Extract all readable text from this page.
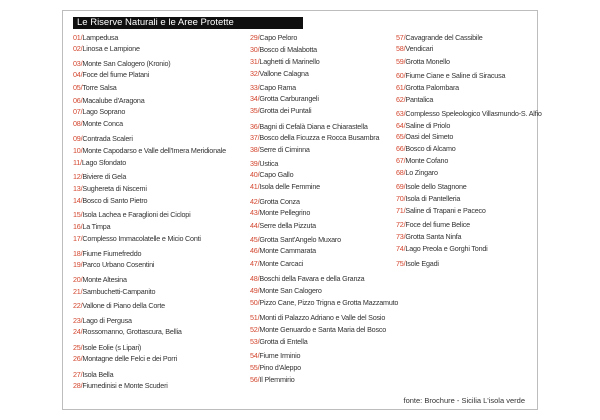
Le Riserve Naturali e le Aree Protette
01/Lampedusa
02/Linosa e Lampione
03/Monte San Calogero (Kronio)
04/Foce del fiume Platani
05/Torre Salsa
06/Macalube d'Aragona
07/Lago Soprano
08/Monte Conca
09/Contrada Scaleri
10/Monte Capodarso e Valle dell'Imera Meridionale
11/Lago Sfondato
12/Biviere di Gela
13/Sughereta di Niscemi
14/Bosco di Santo Pietro
15/Isola Lachea e Faraglioni dei Ciclopi
16/La Timpa
17/Complesso Immacolatelle e Micio Conti
18/Fiume Fiumefreddo
19/Parco Urbano Cosentini
20/Monte Altesina
21/Sambuchetti-Campanito
22/Vallone di Piano della Corte
23/Lago di Pergusa
24/Rossomanno, Grottascura, Bellia
25/Isole Eolie (s Lipari)
26/Montagne delle Felci e dei Porri
27/Isola Bella
28/Fiumedinisi e Monte Scuderi
29/Capo Peloro
30/Bosco di Malabotta
31/Laghetti di Marinello
32/Vallone Calagna
33/Capo Rama
34/Grotta Carburangeli
35/Grotta dei Puntali
36/Bagni di Cefalà Diana e Chiarastella
37/Bosco della Ficuzza e Rocca Busambra
38/Serre di Ciminna
39/Ustica
40/Capo Gallo
41/Isola delle Femmine
42/Grotta Conza
43/Monte Pellegrino
44/Serre della Pizzuta
45/Grotta Sant'Angelo Muxaro
46/Monte Cammarata
47/Monte Carcaci
48/Boschi della Favara e della Granza
49/Monte San Calogero
50/Pizzo Cane, Pizzo Trigna e Grotta Mazzamuto
51/Monti di Palazzo Adriano e Valle del Sosio
52/Monte Genuardo e Santa Maria del Bosco
53/Grotta di Entella
54/Fiume Irminio
55/Pino d'Aleppo
56/Il Plemmirio
57/Cavagrande del Cassibile
58/Vendicari
59/Grotta Monello
60/Fiume Ciane e Saline di Siracusa
61/Grotta Palombara
62/Pantalica
63/Complesso Speleologico Villasmundo-S. Alfio
64/Saline di Priolo
65/Oasi del Simeto
66/Bosco di Alcamo
67/Monte Cofano
68/Lo Zingaro
69/Isole dello Stagnone
70/Isola di Pantelleria
71/Saline di Trapani e Paceco
72/Foce del fiume Belice
73/Grotta Santa Ninfa
74/Lago Preola e Gorghi Tondi
75/Isole Egadi
fonte: Brochure - Sicilia L'isola verde
